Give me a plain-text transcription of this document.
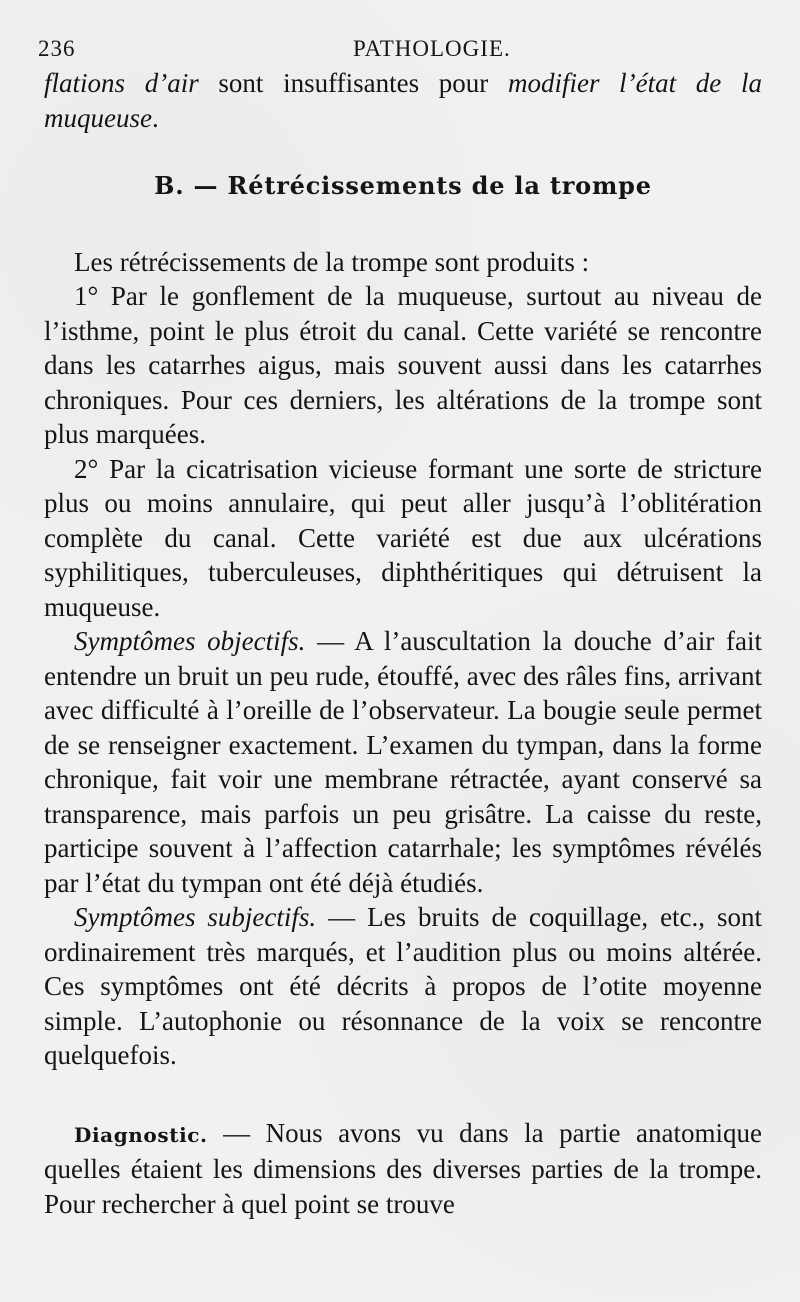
236	PATHOLOGIE.

flations d’air sont insuffisantes pour modifier l’état de la muqueuse.

B. — Rétrécissements de la trompe

Les rétrécissements de la trompe sont produits :

1° Par le gonflement de la muqueuse, surtout au niveau de l’isthme, point le plus étroit du canal. Cette variété se rencontre dans les catarrhes aigus, mais souvent aussi dans les catarrhes chroniques. Pour ces derniers, les altérations de la trompe sont plus marquées.

2° Par la cicatrisation vicieuse formant une sorte de stricture plus ou moins annulaire, qui peut aller jusqu’à l’oblitération complète du canal. Cette variété est due aux ulcérations syphilitiques, tuberculeuses, diphthéritiques qui détruisent la muqueuse.

Symptômes objectifs. — A l’auscultation la douche d’air fait entendre un bruit un peu rude, étouffé, avec des râles fins, arrivant avec difficulté à l’oreille de l’observateur. La bougie seule permet de se renseigner exactement. L’examen du tympan, dans la forme chronique, fait voir une membrane rétractée, ayant conservé sa transparence, mais parfois un peu grisâtre. La caisse du reste, participe souvent à l’affection catarrhale; les symptômes révélés par l’état du tympan ont été déjà étudiés.

Symptômes subjectifs. — Les bruits de coquillage, etc., sont ordinairement très marqués, et l’audition plus ou moins altérée. Ces symptômes ont été décrits à propos de l’otite moyenne simple. L’autophonie ou résonnance de la voix se rencontre quelquefois.

Diagnostic. — Nous avons vu dans la partie anatomique quelles étaient les dimensions des diverses parties de la trompe. Pour rechercher à quel point se trouve
